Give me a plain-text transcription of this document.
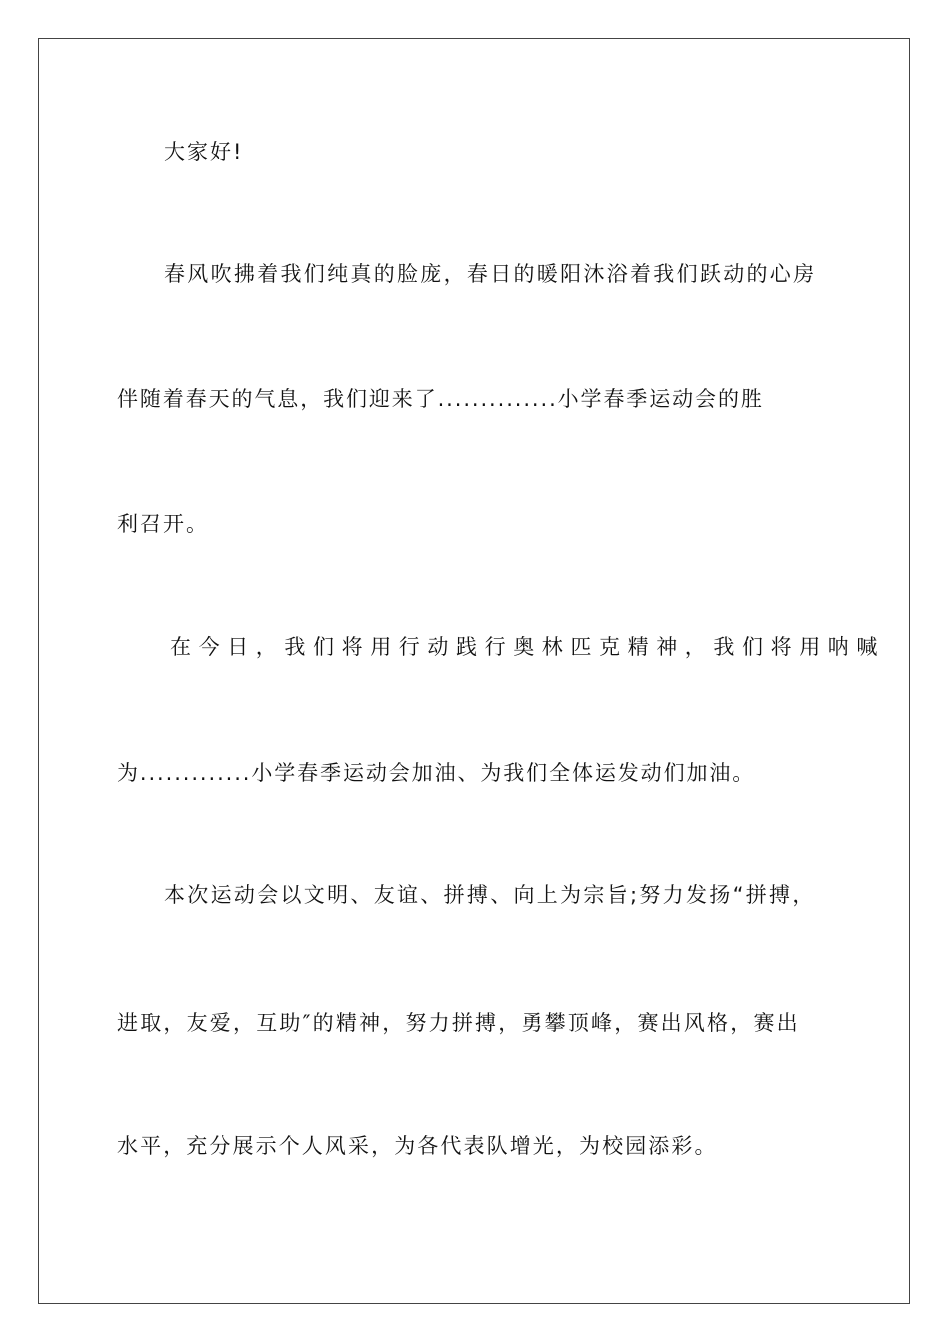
大家好!
春风吹拂着我们纯真的脸庞，春日的暖阳沐浴着我们跃动的心房
伴随着春天的气息，我们迎来了..............小学春季运动会的胜
利召开。
在今日，我们将用行动践行奥林匹克精神，我们将用呐喊
为.............小学春季运动会加油、为我们全体运发动们加油。
本次运动会以文明、友谊、拼搏、向上为宗旨;努力发扬“拼搏，
进取，友爱，互助″的精神，努力拼搏，勇攀顶峰，赛出风格，赛出
水平，充分展示个人风采，为各代表队增光，为校园添彩。
